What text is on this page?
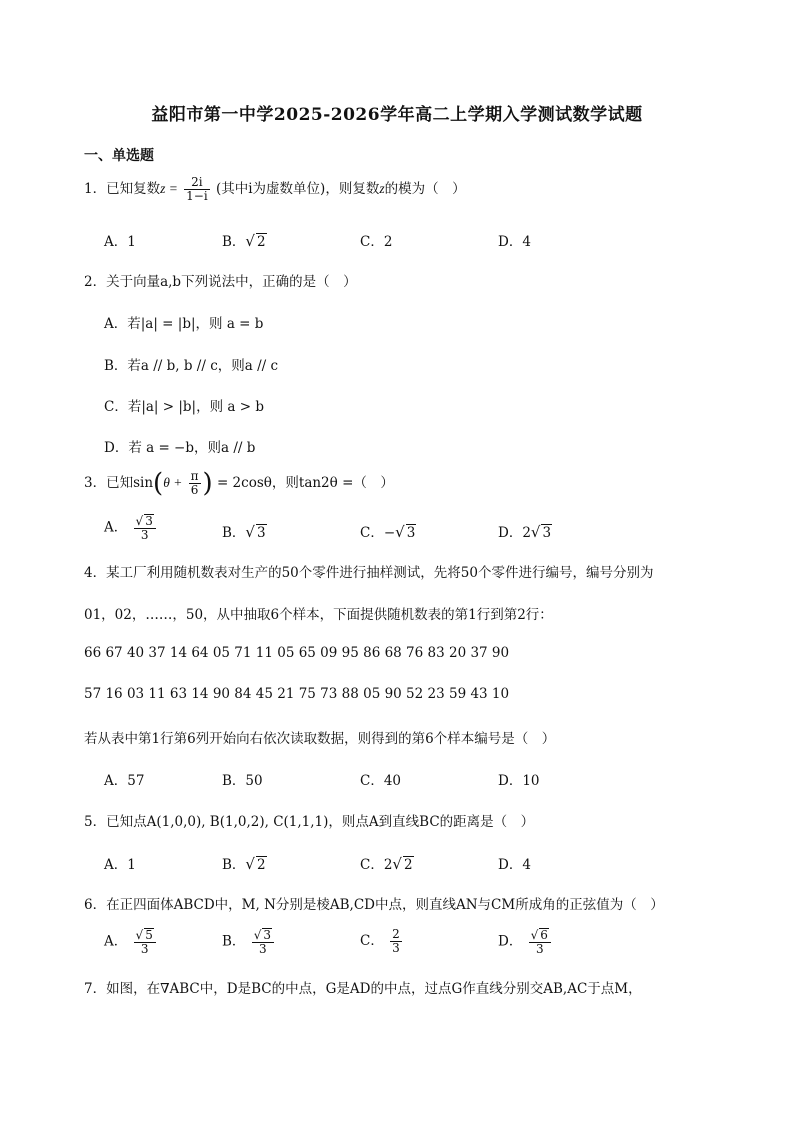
益阳市第一中学2025-2026学年高二上学期入学测试数学试题
一、单选题
1．已知复数$z = \frac{2i}{1-i}$ (其中i为虚数单位)，则复数z的模为（　）
A．1	B．√ 2	C．2	D．4
2．关于向量a,b下列说法中，正确的是（　）
A．若|a| = |b|，则 a = b
B．若a // b, b // c，则a // c
C．若|a| > |b|，则 a > b
D．若 a = −b，则a // b
3．已知$\sin(\theta + \frac{\pi}{6}$ ) = 2cosθ，则tan2θ =（　）
A． $\frac{√ 3}{3}$	B．√ 3	C．−√ 3	D．2√ 3
4．某工厂利用随机数表对生产的50个零件进行抽样测试，先将50个零件进行编号，编号分别为
01，02，……，50，从中抽取6个样本，下面提供随机数表的第1行到第2行：
66 67 40 37 14 64 05 71 11 05 65 09 95 86 68 76 83 20 37 90
57 16 03 11 63 14 90 84 45 21 75 73 88 05 90 52 23 59 43 10
若从表中第1行第6列开始向右依次读取数据，则得到的第6个样本编号是（　）
A．57	B．50	C．40	D．10
5．已知点A(1,0,0), B(1,0,2), C(1,1,1)，则点A到直线BC的距离是（　）
A．1	B．√ 2	C．2√ 2	D．4
6．在正四面体ABCD中，M, N分别是棱AB,CD中点，则直线AN与CM所成角的正弦值为（　）
A． $\frac{√ 5}{3}$	B． $\frac{√ 3}{3}$	C． $\frac{2}{3}$	D． $\frac{√ 6}{3}$
7．如图，在∇ABC中，D是BC的中点，G是AD的中点，过点G作直线分别交AB,AC于点M，
